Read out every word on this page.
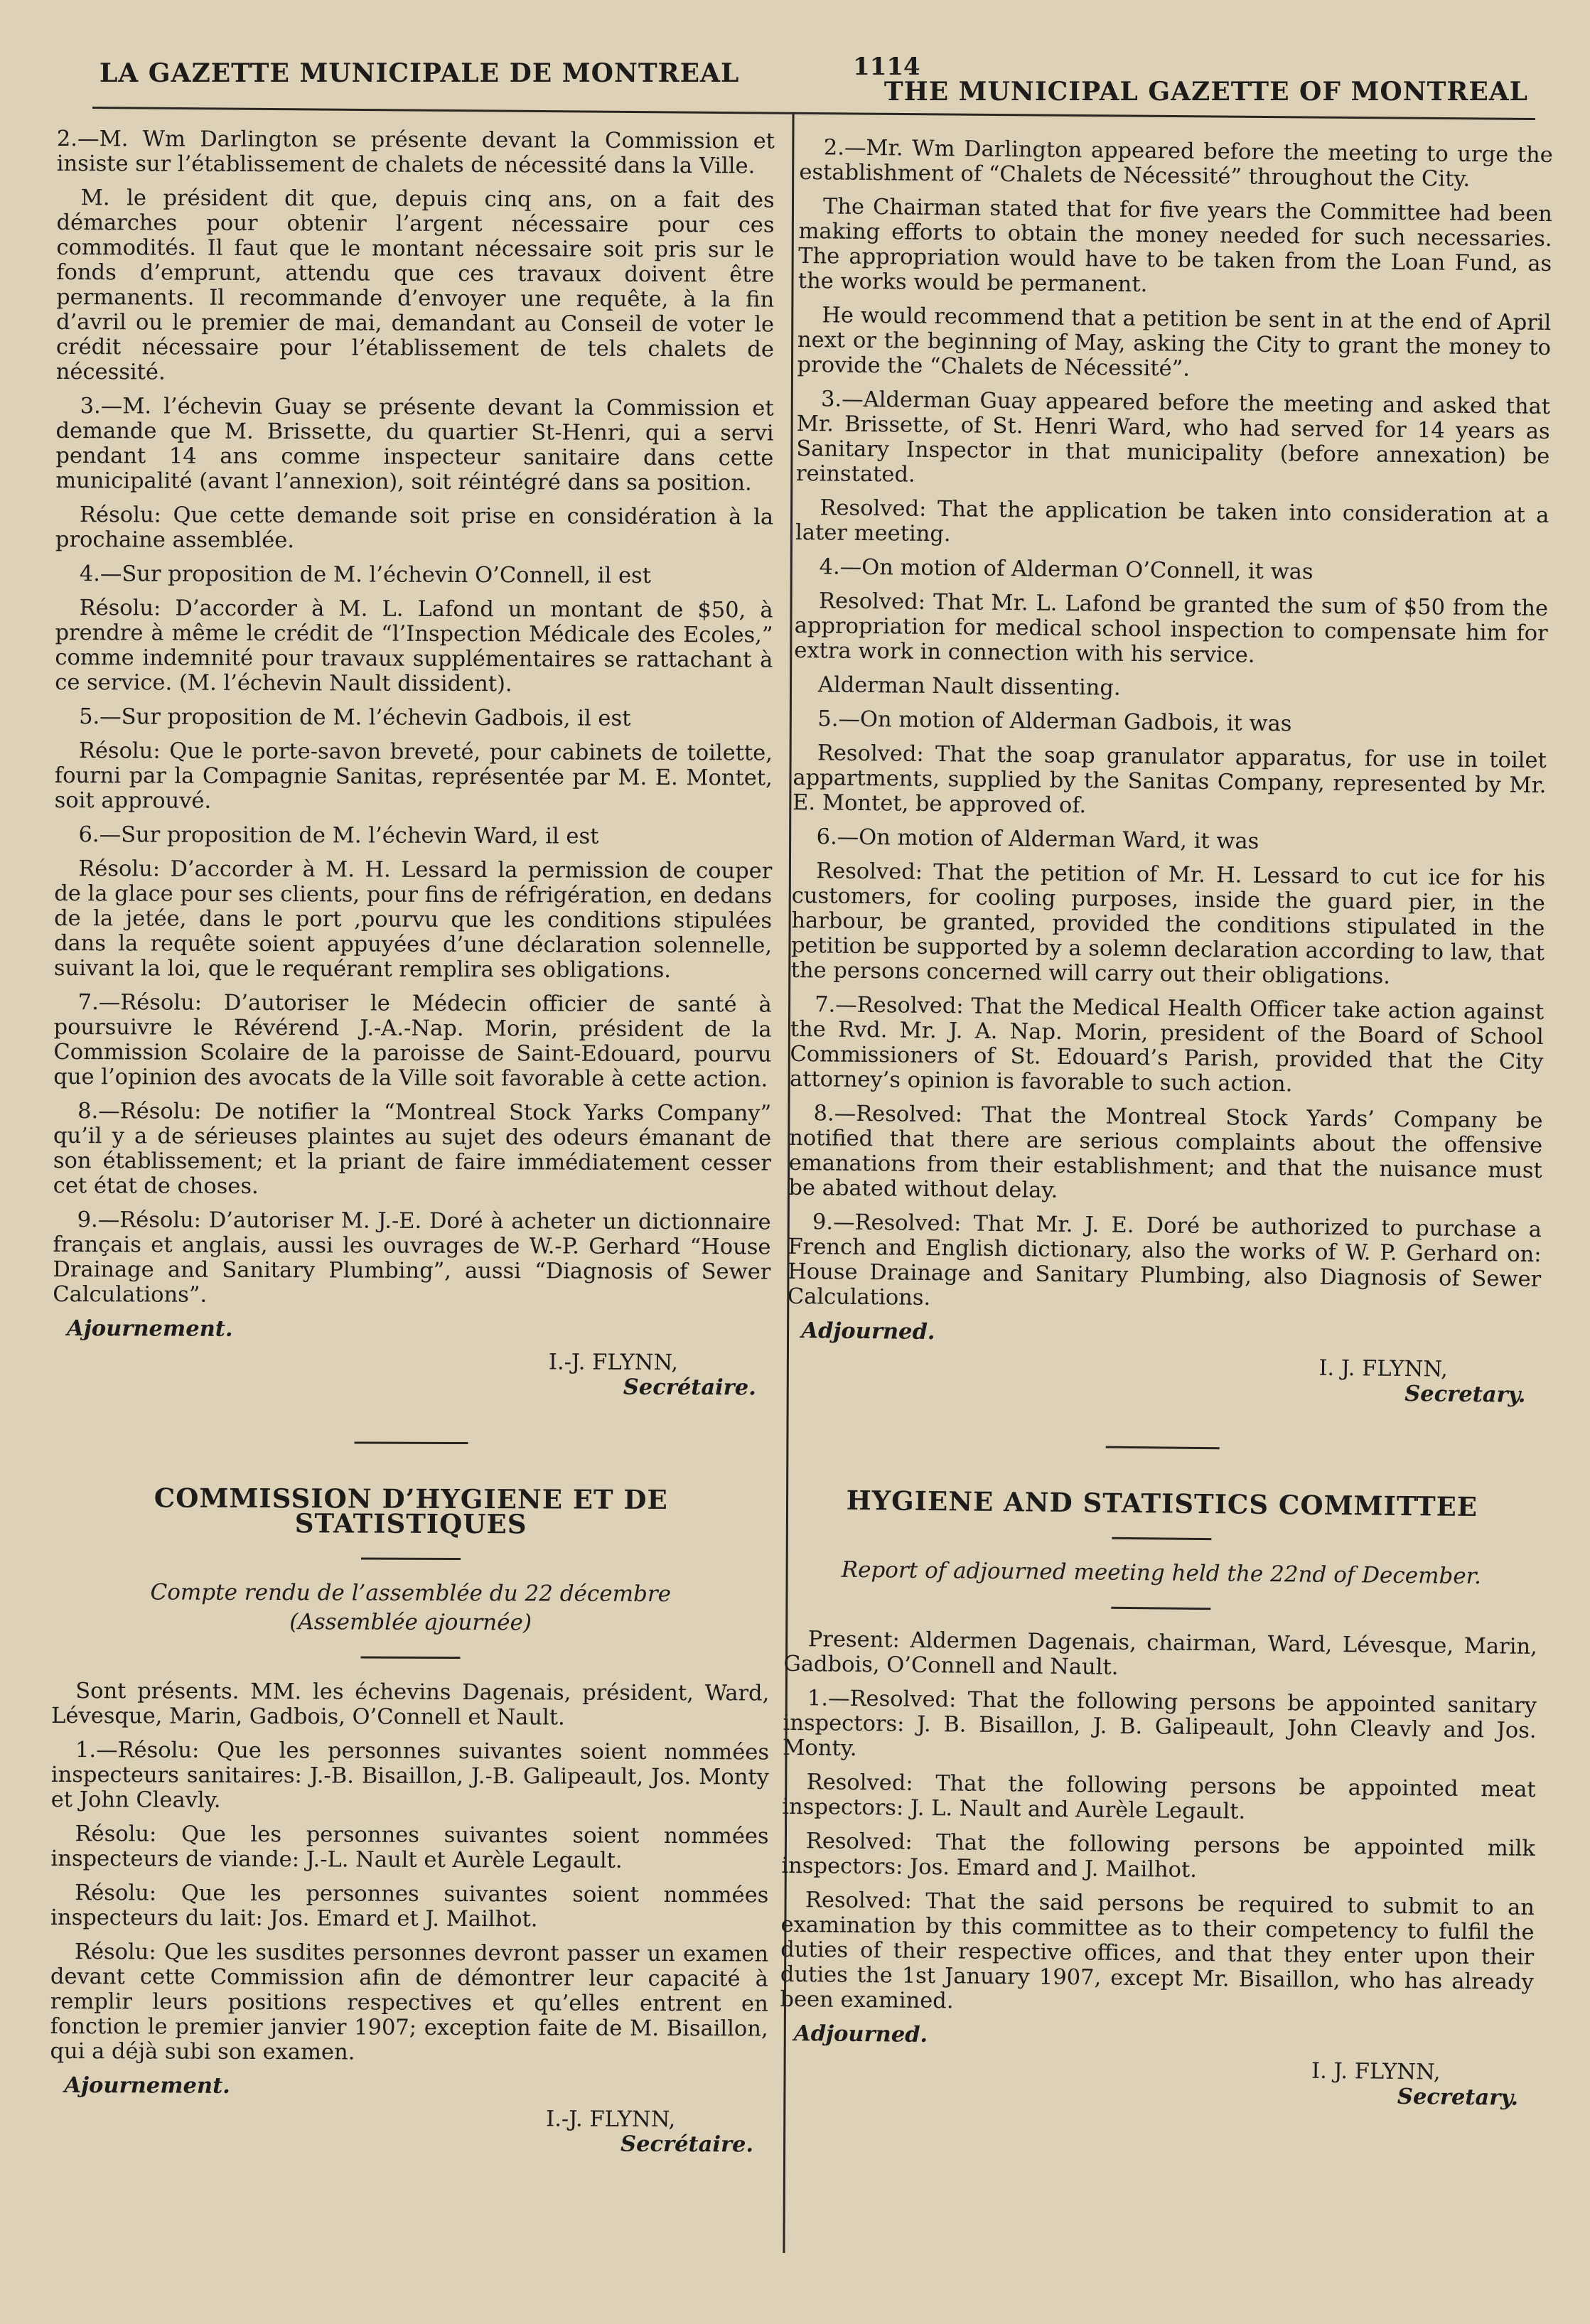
LA GAZETTE MUNICIPALE DE MONTREAL	1114
THE MUNICIPAL GAZETTE OF MONTREAL

2.—M. Wm Darlington se présente devant la Commission et insiste sur l’établissement de chalets de nécessité dans la Ville.

M. le président dit que, depuis cinq ans, on a fait des démarches pour obtenir l’argent nécessaire pour ces commodités. Il faut que le montant nécessaire soit pris sur le fonds d’emprunt, attendu que ces travaux doivent être permanents. Il recommande d’envoyer une requête, à la fin d’avril ou le premier de mai, demandant au Conseil de voter le crédit nécessaire pour l’établissement de tels chalets de nécessité.

3.—M. l’échevin Guay se présente devant la Commission et demande que M. Brissette, du quartier St-Henri, qui a servi pendant 14 ans comme inspecteur sanitaire dans cette municipalité (avant l’annexion), soit réintégré dans sa position.

Résolu: Que cette demande soit prise en considération à la prochaine assemblée.

4.—Sur proposition de M. l’échevin O’Connell, il est

Résolu: D’accorder à M. L. Lafond un montant de $50, à prendre à même le crédit de “l’Inspection Médicale des Ecoles,” comme indemnité pour travaux supplémentaires se rattachant à ce service. (M. l’échevin Nault dissident).

5.—Sur proposition de M. l’échevin Gadbois, il est

Résolu: Que le porte-savon breveté, pour cabinets de toilette, fourni par la Compagnie Sanitas, représentée par M. E. Montet, soit approuvé.

6.—Sur proposition de M. l’échevin Ward, il est

Résolu: D’accorder à M. H. Lessard la permission de couper de la glace pour ses clients, pour fins de réfrigération, en dedans de la jetée, dans le port ,pourvu que les conditions stipulées dans la requête soient appuyées d’une déclaration solennelle, suivant la loi, que le requérant remplira ses obligations.

7.—Résolu: D’autoriser le Médecin officier de santé à poursuivre le Révérend J.-A.-Nap. Morin, président de la Commission Scolaire de la paroisse de Saint-Edouard, pourvu que l’opinion des avocats de la Ville soit favorable à cette action.

8.—Résolu: De notifier la “Montreal Stock Yarks Company” qu’il y a de sérieuses plaintes au sujet des odeurs émanant de son établissement; et la priant de faire immédiatement cesser cet état de choses.

9.—Résolu: D’autoriser M. J.-E. Doré à acheter un dictionnaire français et anglais, aussi les ouvrages de W.-P. Gerhard “House Drainage and Sanitary Plumbing”, aussi “Diagnosis of Sewer Calculations”.

Ajournement.
I.-J. FLYNN,
Secrétaire.
COMMISSION D’HYGIENE ET DE STATISTIQUES
Compte rendu de l’assemblée du 22 décembre
(Assemblée ajournée)

Sont présents. MM. les échevins Dagenais, président, Ward, Lévesque, Marin, Gadbois, O’Connell et Nault.

1.—Résolu: Que les personnes suivantes soient nommées inspecteurs sanitaires: J.-B. Bisaillon, J.-B. Galipeault, Jos. Monty et John Cleavly.

Résolu: Que les personnes suivantes soient nommées inspecteurs de viande: J.-L. Nault et Aurèle Legault.

Résolu: Que les personnes suivantes soient nommées inspecteurs du lait: Jos. Emard et J. Mailhot.

Résolu: Que les susdites personnes devront passer un examen devant cette Commission afin de démontrer leur capacité à remplir leurs positions respectives et qu’elles entrent en fonction le premier janvier 1907; exception faite de M. Bisaillon, qui a déjà subi son examen.

Ajournement.
I.-J. FLYNN,
Secrétaire.

2.—Mr. Wm Darlington appeared before the meeting to urge the establishment of “Chalets de Nécessité” throughout the City.

The Chairman stated that for five years the Committee had been making efforts to obtain the money needed for such necessaries. The appropriation would have to be taken from the Loan Fund, as the works would be permanent.

He would recommend that a petition be sent in at the end of April next or the beginning of May, asking the City to grant the money to provide the “Chalets de Nécessité”.

3.—Alderman Guay appeared before the meeting and asked that Mr. Brissette, of St. Henri Ward, who had served for 14 years as Sanitary Inspector in that municipality (before annexation) be reinstated.

Resolved: That the application be taken into consideration at a later meeting.

4.—On motion of Alderman O’Connell, it was

Resolved: That Mr. L. Lafond be granted the sum of $50 from the appropriation for medical school inspection to compensate him for extra work in connection with his service.

Alderman Nault dissenting.

5.—On motion of Alderman Gadbois, it was

Resolved: That the soap granulator apparatus, for use in toilet appartments, supplied by the Sanitas Company, represented by Mr. E. Montet, be approved of.

6.—On motion of Alderman Ward, it was

Resolved: That the petition of Mr. H. Lessard to cut ice for his customers, for cooling purposes, inside the guard pier, in the harbour, be granted, provided the conditions stipulated in the petition be supported by a solemn declaration according to law, that the persons concerned will carry out their obligations.

7.—Resolved: That the Medical Health Officer take action against the Rvd. Mr. J. A. Nap. Morin, president of the Board of School Commissioners of St. Edouard’s Parish, provided that the City attorney’s opinion is favorable to such action.

8.—Resolved: That the Montreal Stock Yards’ Company be notified that there are serious complaints about the offensive emanations from their establishment; and that the nuisance must be abated without delay.

9.—Resolved: That Mr. J. E. Doré be authorized to purchase a French and English dictionary, also the works of W. P. Gerhard on: House Drainage and Sanitary Plumbing, also Diagnosis of Sewer Calculations.

Adjourned.
I. J. FLYNN,
Secretary.
HYGIENE AND STATISTICS COMMITTEE
Report of adjourned meeting held the 22nd of December.

Present: Aldermen Dagenais, chairman, Ward, Lévesque, Marin, Gadbois, O’Connell and Nault.

1.—Resolved: That the following persons be appointed sanitary inspectors: J. B. Bisaillon, J. B. Galipeault, John Cleavly and Jos. Monty.

Resolved: That the following persons be appointed meat inspectors: J. L. Nault and Aurèle Legault.

Resolved: That the following persons be appointed milk inspectors: Jos. Emard and J. Mailhot.

Resolved: That the said persons be required to submit to an examination by this committee as to their competency to fulfil the duties of their respective offices, and that they enter upon their duties the 1st January 1907, except Mr. Bisaillon, who has already been examined.

Adjourned.
I. J. FLYNN,
Secretary.
